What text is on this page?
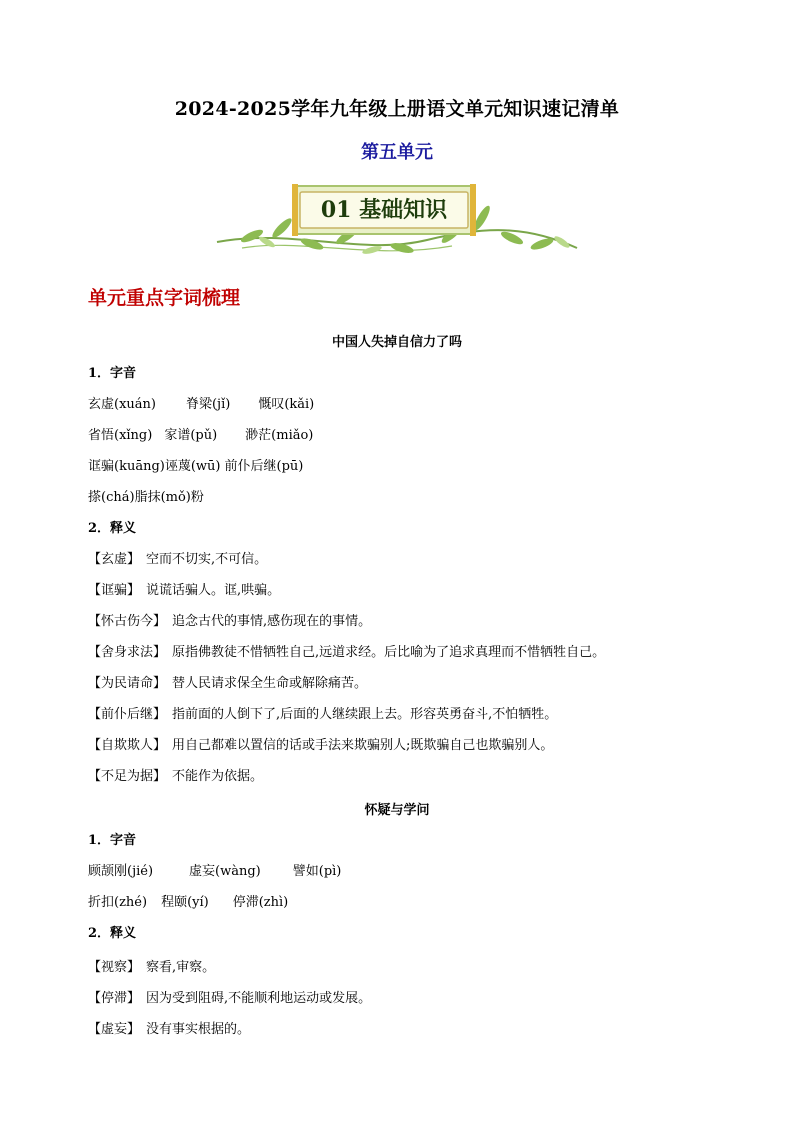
2024-2025学年九年级上册语文单元知识速记清单
第五单元
01 基础知识
单元重点字词梳理
中国人失掉自信力了吗
1．字音
玄虚(xuán) 脊梁(jǐ) 慨叹(kǎi)
省悟(xǐng) 家谱(pǔ) 渺茫(miǎo)
诓骗(kuāng)诬蔑(wū) 前仆后继(pū)
搽(chá)脂抹(mǒ)粉
2．释义
【玄虚】 空而不切实,不可信。
【诓骗】 说谎话骗人。诓,哄骗。
【怀古伤今】 追念古代的事情,感伤现在的事情。
【舍身求法】 原指佛教徒不惜牺牲自己,远道求经。后比喻为了追求真理而不惜牺牲自己。
【为民请命】 替人民请求保全生命或解除痛苦。
【前仆后继】 指前面的人倒下了,后面的人继续跟上去。形容英勇奋斗,不怕牺牲。
【自欺欺人】 用自己都难以置信的话或手法来欺骗别人;既欺骗自己也欺骗别人。
【不足为据】 不能作为依据。
怀疑与学问
1．字音
顾颉刚(jié)	虚妄(wàng) 譬如(pì)
折扣(zhé) 程颐(yí) 停滞(zhì)
2．释义
【视察】 察看,审察。
【停滞】 因为受到阻碍,不能顺利地运动或发展。
【虚妄】 没有事实根据的。
